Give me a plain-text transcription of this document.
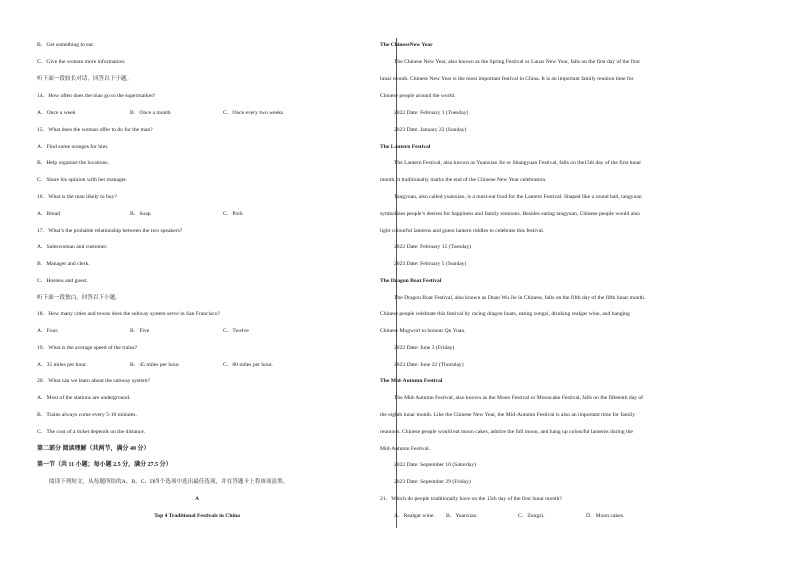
B．Get something to eat.
C．Give the woman more information.
听下面一段较长对话，回答以下小题。
14．How often does the man go to the supermarket?
A．Once a week	B．Once a month	C．Once every two weeks
15．What does the woman offer to do for the man?
A．Find some oranges for him.
B．Help organize the locations.
C．Share his opinion with her manager.
16．What is the man likely to buy?
A．Bread	B．Soap	C．Pork
17．What’s the probable relationship between the two speakers?
A．Saleswoman and customer.
B．Manager and clerk.
C．Hostess and guest.
听下面一段独白，回答以下小题。
18．How many cities and towns does the subway system serve in San Francisco?
A．Four.	B．Five	C．Twelve
19．What is the average speed of the trains?
A．35 miles per hour.	B．45 miles per hour.	C．80 miles per hour.
20．What can we learn about the subway system?
A．Most of the stations are underground.
B．Trains always come every 5-10 minutes.
C．The cost of a ticket depends on the distance.
第二部分 阅读理解（共两节，满分 40 分）
第一节（共 11 小题；每小题 2.5 分，满分 27.5 分）
阅读下列短文，从每题所给的A、B、C、D四个选项中选出最佳选项，并在答题卡上将该项涂黑。
A
Top 4 Traditional Festivals in China
The ChineseNew Year
The Chinese New Year, also known as the Spring Festival or Lunar New Year, falls on the first day of the first
lunar month. Chinese New Year is the most important festival in China. It is an important family reunion time for
Chinese people around the world.
2022 Date: February 1 (Tuesday)
2023 Date: January 22 (Sunday)
The Lantern Festival
The Lantern Festival, also known as Yuanxiao Jie or Shangyuan Festival, falls on the15th day of the first lunar
month, it traditionally marks the end of the Chinese New Year celebration.
Tangyuan, also called yuanxiao, is a must-eat food for the Lantern Festival. Shaped like a round ball, tangyuan
symbolizes people’s desires for happiness and family reunions. Besides eating tangyuan, Chinese people would also
light colourful lanterns and guess lantern riddles to celebrate this festival.
2022 Date: February 15 (Tuesday)
2023 Date: February 5 (Sunday)
The Dragon Boat Festival
The Dragon Boat Festival, also known as Duan Wu Jie in Chinese, falls on the fifth day of the fifth lunar month.
Chinese people celebrate this festival by racing dragon boats, eating zongzi, drinking realgar wine, and hanging
Chinese Mugwort to honour Qu Yuan.
2022 Date: June 3 (Friday)
2023 Date: June 22 (Thursday)
The Mid-Autumn Festival
The Mid-Autumn Festival, also known as the Moon Festival or Mooncake Festival, falls on the fifteenth day of
the eighth lunar month. Like the Chinese New Year, the Mid-Autumn Festival is also an important time for family
reunions. Chinese people would eat moon cakes, admire the full moon, and hang up colourful lanterns during the
Mid-Autumn Festival.
2022 Date: September 10 (Saturday)
2023 Date: September 29 (Friday)
21．Which do people traditionally have on the 15th day of the first lunar month?
A．Realgar wine. B．Yuanxiao.	C．Zongzi.	D．Moon cakes.
